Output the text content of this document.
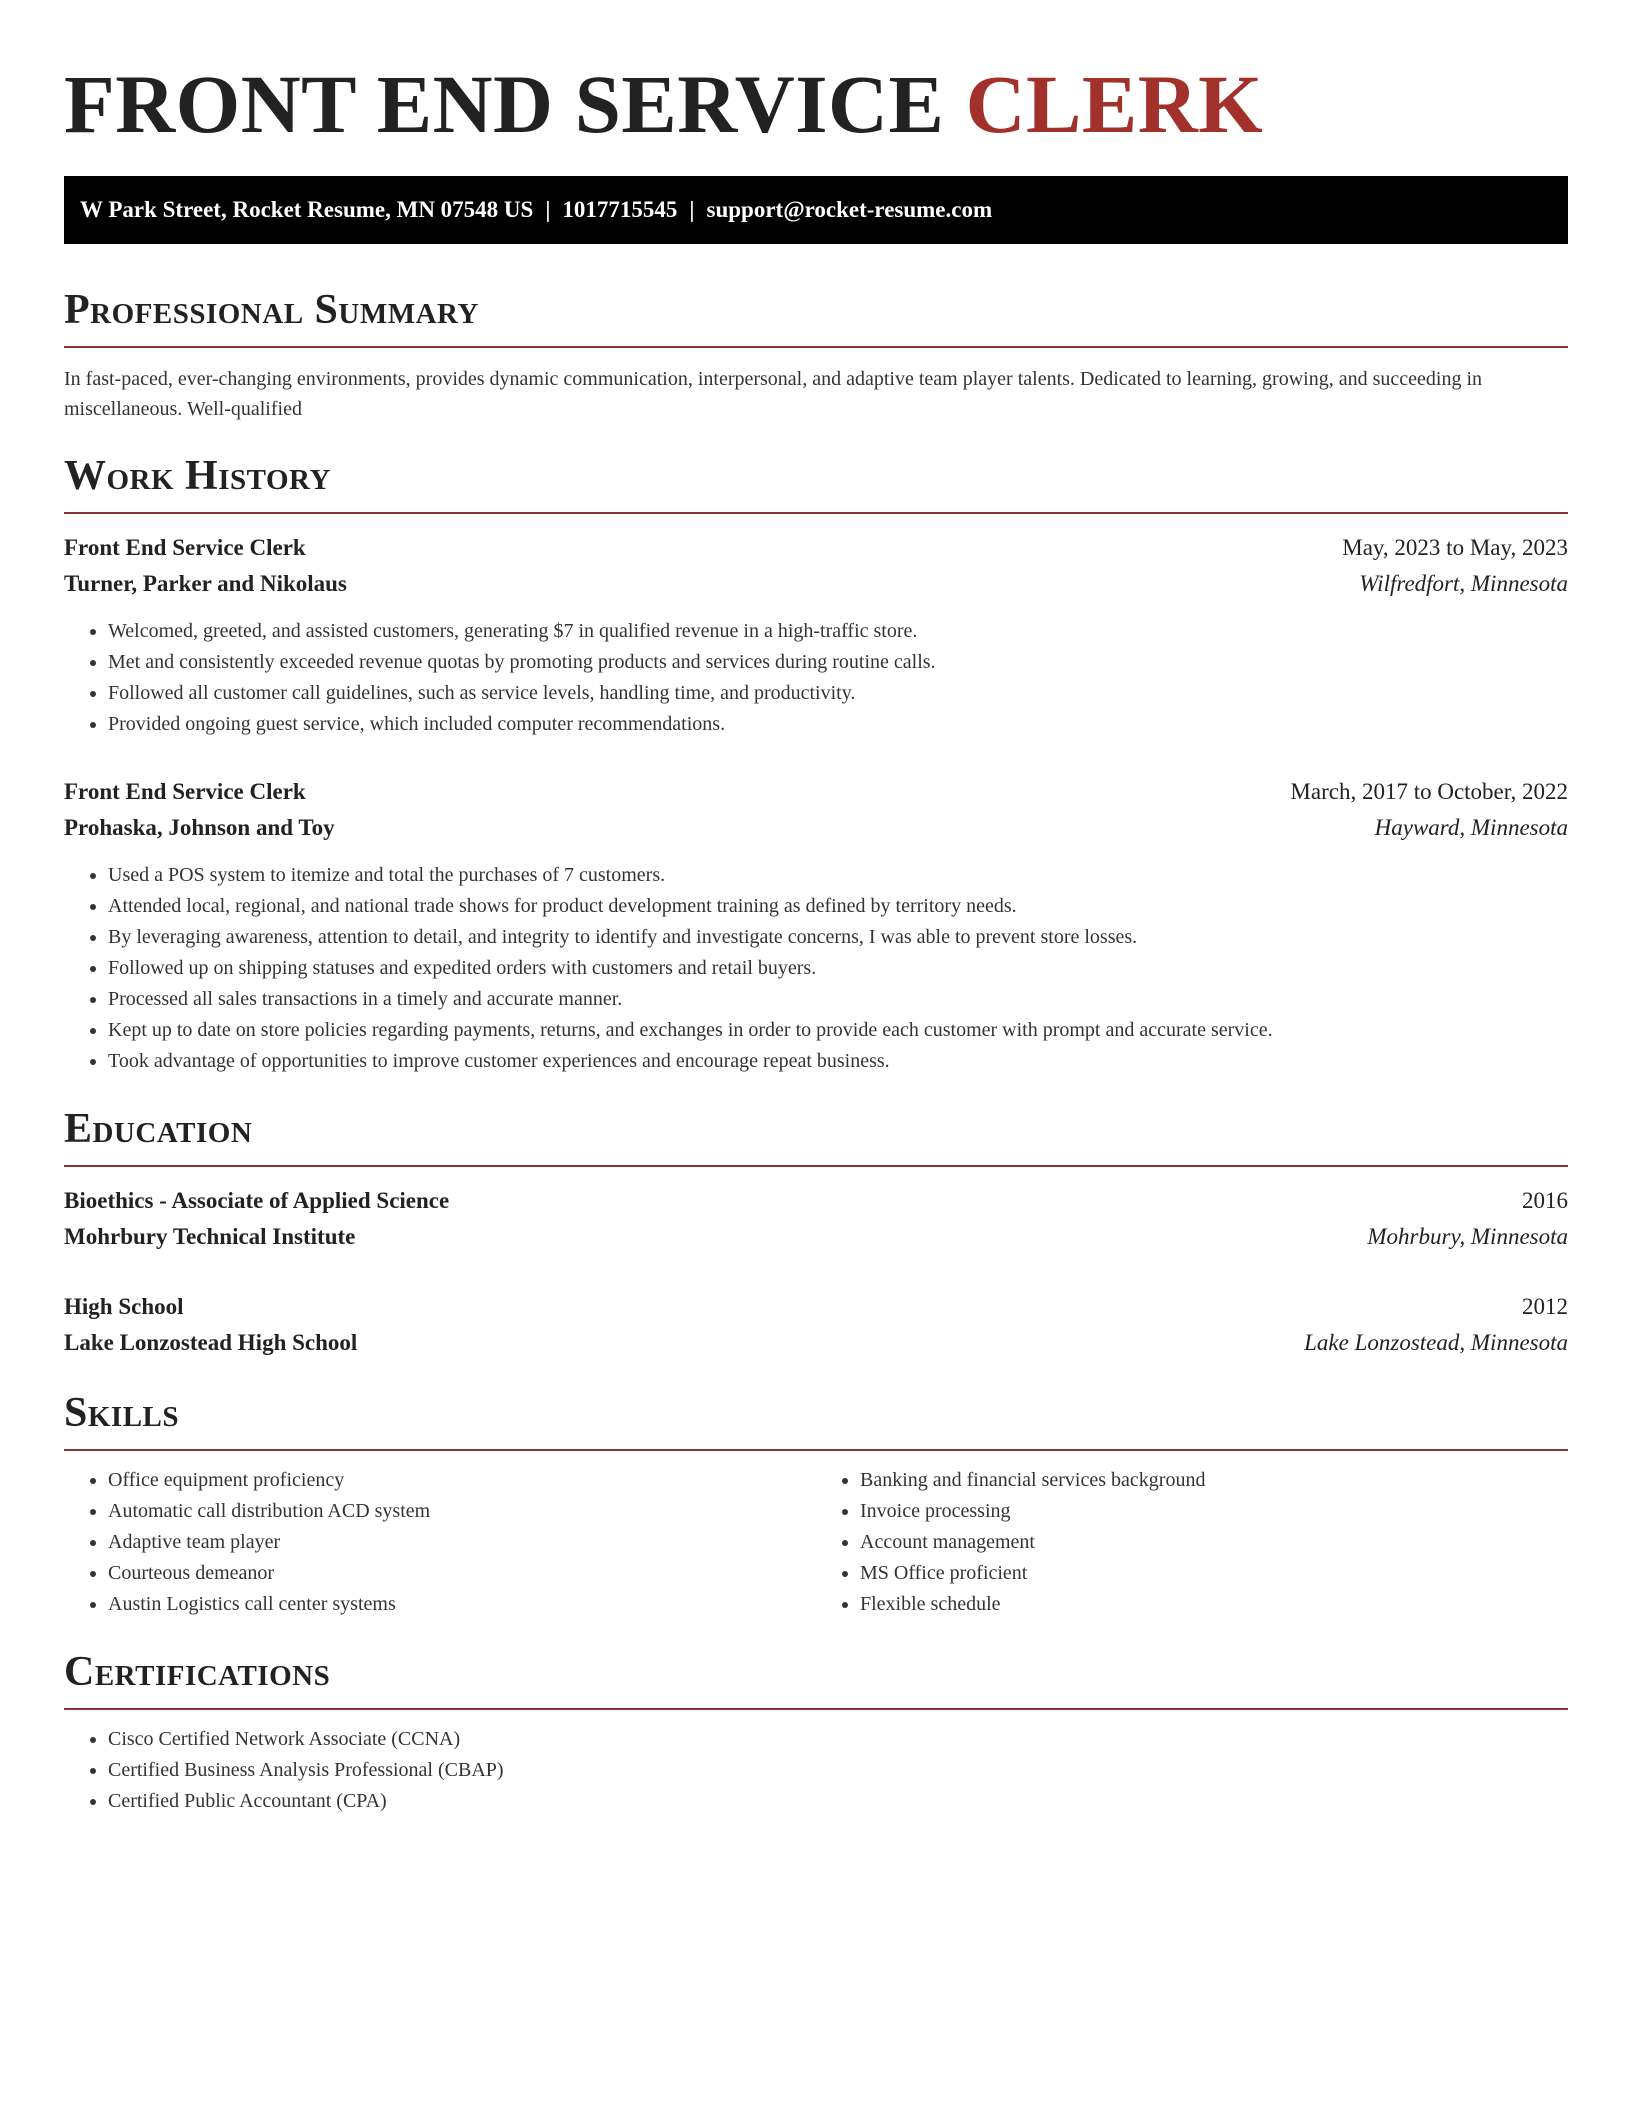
FRONT END SERVICE CLERK
W Park Street, Rocket Resume, MN 07548 US | 1017715545 | support@rocket-resume.com
Professional Summary

In fast-paced, ever-changing environments, provides dynamic communication, interpersonal, and adaptive team player talents. Dedicated to learning, growing, and succeeding in miscellaneous. Well-qualified

Work History
Front End Service Clerk	May, 2023 to May, 2023
Turner, Parker and Nikolaus	Wilfredfort, Minnesota
• Welcomed, greeted, and assisted customers, generating $7 in qualified revenue in a high-traffic store.
• Met and consistently exceeded revenue quotas by promoting products and services during routine calls.
• Followed all customer call guidelines, such as service levels, handling time, and productivity.
• Provided ongoing guest service, which included computer recommendations.
Front End Service Clerk	March, 2017 to October, 2022
Prohaska, Johnson and Toy	Hayward, Minnesota
• Used a POS system to itemize and total the purchases of 7 customers.
• Attended local, regional, and national trade shows for product development training as defined by territory needs.
• By leveraging awareness, attention to detail, and integrity to identify and investigate concerns, I was able to prevent store losses.
• Followed up on shipping statuses and expedited orders with customers and retail buyers.
• Processed all sales transactions in a timely and accurate manner.
• Kept up to date on store policies regarding payments, returns, and exchanges in order to provide each customer with prompt and accurate service.
• Took advantage of opportunities to improve customer experiences and encourage repeat business.
Education
Bioethics - Associate of Applied Science	2016
Mohrbury Technical Institute	Mohrbury, Minnesota
High School	2012
Lake Lonzostead High School	Lake Lonzostead, Minnesota
Skills
• Office equipment proficiency
• Automatic call distribution ACD system
• Adaptive team player
• Courteous demeanor
• Austin Logistics call center systems
• Banking and financial services background
• Invoice processing
• Account management
• MS Office proficient
• Flexible schedule
Certifications
• Cisco Certified Network Associate (CCNA)
• Certified Business Analysis Professional (CBAP)
• Certified Public Accountant (CPA)
